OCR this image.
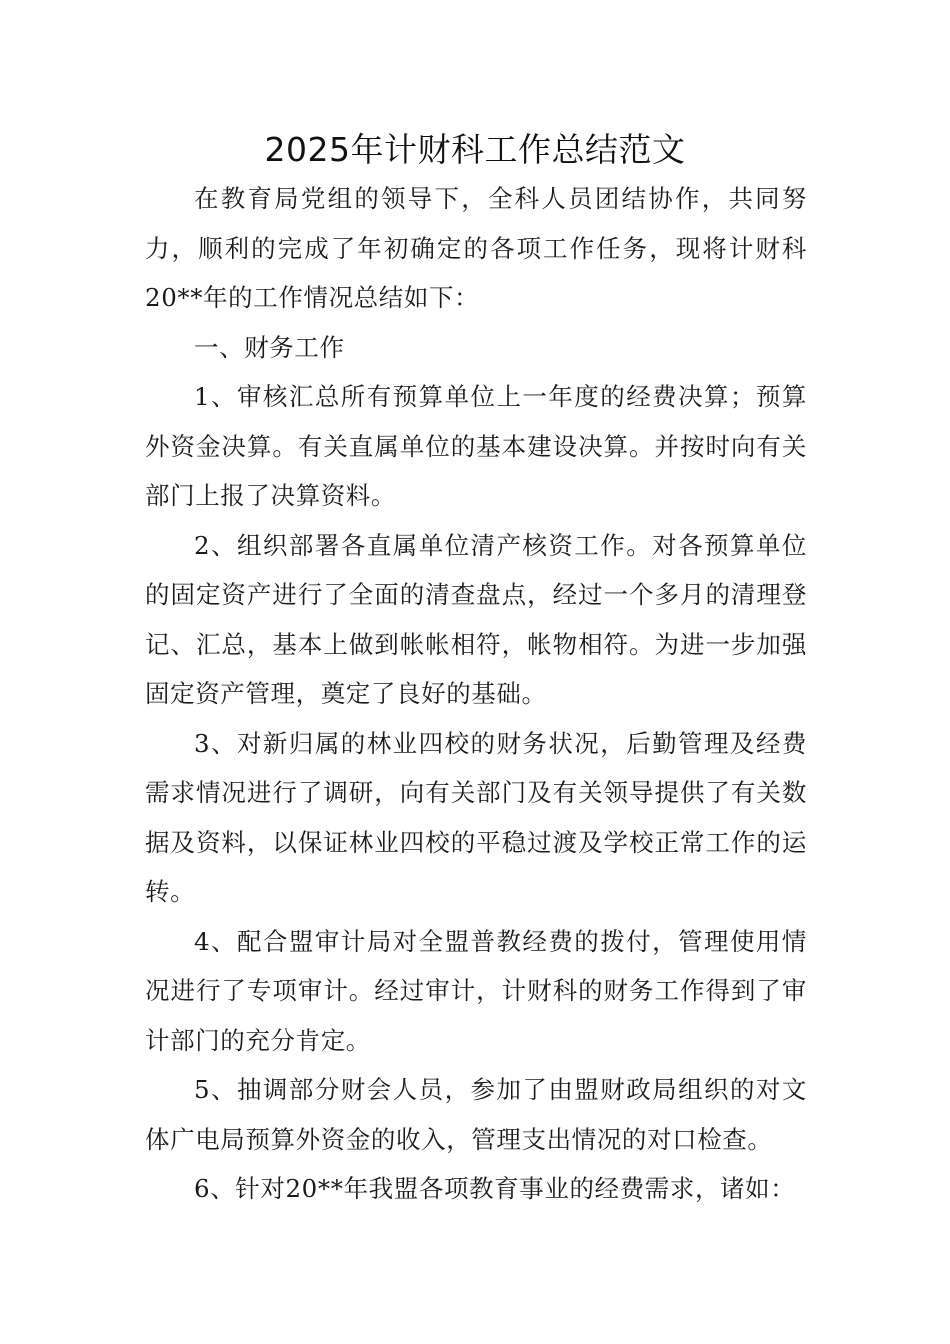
2025年计财科工作总结范文

在教育局党组的领导下，全科人员团结协作，共同努力，顺利的完成了年初确定的各项工作任务，现将计财科20**年的工作情况总结如下：

一、财务工作

1、审核汇总所有预算单位上一年度的经费决算；预算外资金决算。有关直属单位的基本建设决算。并按时向有关部门上报了决算资料。

2、组织部署各直属单位清产核资工作。对各预算单位的固定资产进行了全面的清查盘点，经过一个多月的清理登记、汇总，基本上做到帐帐相符，帐物相符。为进一步加强固定资产管理，奠定了良好的基础。

3、对新归属的林业四校的财务状况，后勤管理及经费需求情况进行了调研，向有关部门及有关领导提供了有关数据及资料，以保证林业四校的平稳过渡及学校正常工作的运转。

4、配合盟审计局对全盟普教经费的拨付，管理使用情况进行了专项审计。经过审计，计财科的财务工作得到了审计部门的充分肯定。

5、抽调部分财会人员，参加了由盟财政局组织的对文体广电局预算外资金的收入，管理支出情况的对口检查。

6、针对20**年我盟各项教育事业的经费需求，诸如：
